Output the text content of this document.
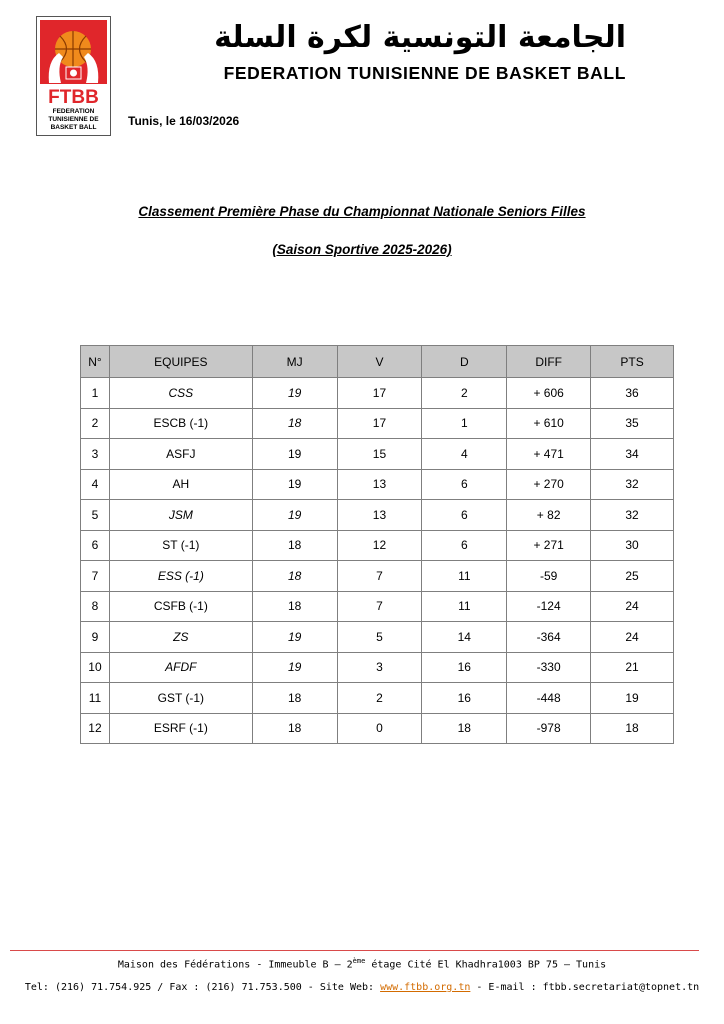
FTBB
FEDERATION
TUNISIENNE DE
BASKET BALL
الجامعة التونسية لكرة السلة
FEDERATION TUNISIENNE DE BASKET BALL
Tunis, le 16/03/2026
Classement Première Phase du Championnat Nationale Seniors Filles
(Saison Sportive 2025-2026)
N°	EQUIPES	MJ	V	D	DIFF	PTS
1	CSS	19	17	2	+ 606	36
2	ESCB (-1)	18	17	1	+ 610	35
3	ASFJ	19	15	4	+ 471	34
4	AH	19	13	6	+ 270	32
5	JSM	19	13	6	+ 82	32
6	ST (-1)	18	12	6	+ 271	30
7	ESS (-1)	18	7	11	-59	25
8	CSFB (-1)	18	7	11	-124	24
9	ZS	19	5	14	-364	24
10	AFDF	19	3	16	-330	21
11	GST (-1)	18	2	16	-448	19
12	ESRF (-1)	18	0	18	-978	18
Maison des Fédérations - Immeuble B – 2ème étage Cité El Khadhra1003 BP 75 – Tunis
Tel: (216) 71.754.925 / Fax : (216) 71.753.500 - Site Web: www.ftbb.org.tn - E-mail : ftbb.secretariat@topnet.tn
